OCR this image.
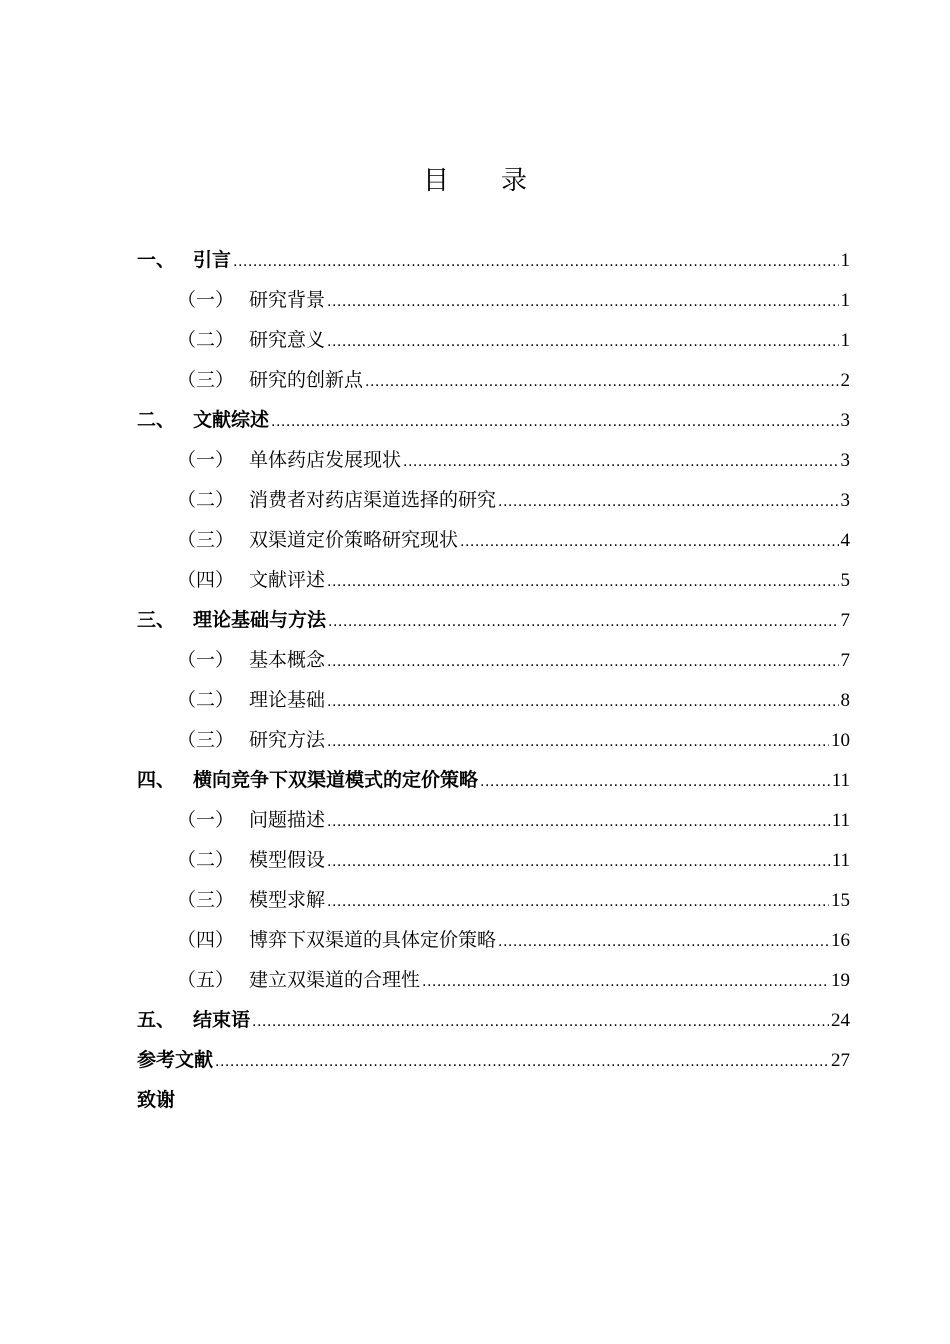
目 录
一、 引言 .....	1
（一） 研究背景 .....	1
（二） 研究意义 .....	1
（三） 研究的创新点 .....	2
二、 文献综述 .....	3
（一） 单体药店发展现状 .....	3
（二） 消费者对药店渠道选择的研究 .....	3
（三） 双渠道定价策略研究现状 .....	4
（四） 文献评述 .....	5
三、 理论基础与方法 .....	7
（一） 基本概念 .....	7
（二） 理论基础 .....	8
（三） 研究方法 .....	10
四、 横向竞争下双渠道模式的定价策略 .....	11
（一） 问题描述 .....	11
（二） 模型假设 .....	11
（三） 模型求解 .....	15
（四） 博弈下双渠道的具体定价策略 .....	16
（五） 建立双渠道的合理性 .....	19
五、 结束语 .....	24
参考文献 .....	27
致谢
